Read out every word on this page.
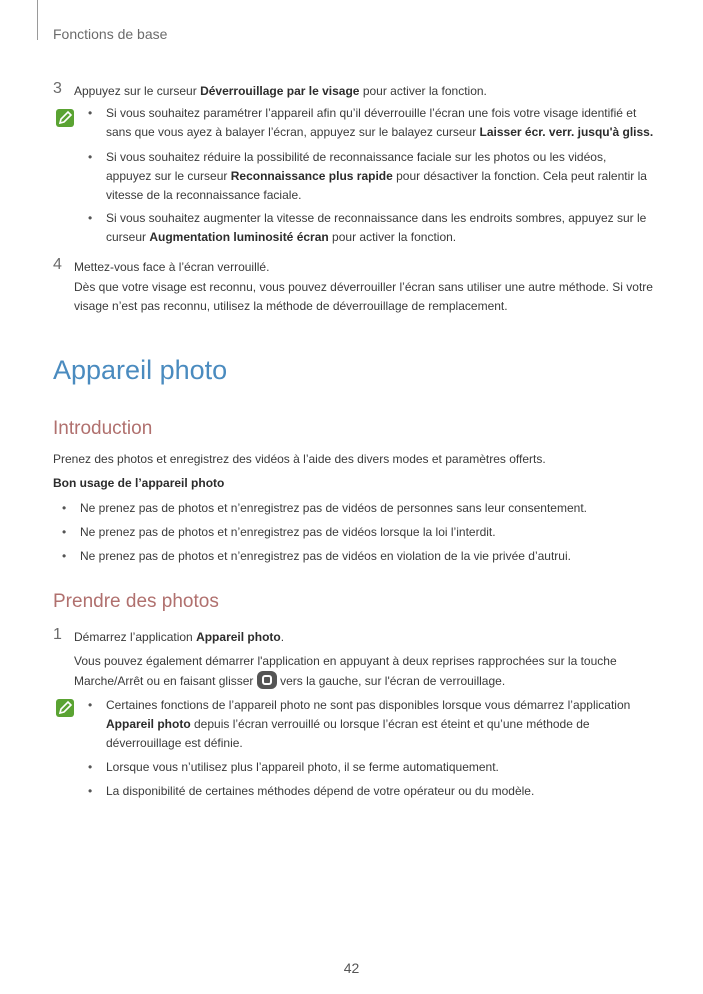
Fonctions de base
3 Appuyez sur le curseur Déverrouillage par le visage pour activer la fonction.
• Si vous souhaitez paramétrer l’appareil afin qu’il déverrouille l’écran une fois votre visage identifié et sans que vous ayez à balayer l’écran, appuyez sur le balayez curseur Laisser écr. verr. jusqu'à gliss.
• Si vous souhaitez réduire la possibilité de reconnaissance faciale sur les photos ou les vidéos, appuyez sur le curseur Reconnaissance plus rapide pour désactiver la fonction. Cela peut ralentir la vitesse de la reconnaissance faciale.
• Si vous souhaitez augmenter la vitesse de reconnaissance dans les endroits sombres, appuyez sur le curseur Augmentation luminosité écran pour activer la fonction.
4 Mettez-vous face à l’écran verrouillé.
Dès que votre visage est reconnu, vous pouvez déverrouiller l’écran sans utiliser une autre méthode. Si votre visage n’est pas reconnu, utilisez la méthode de déverrouillage de remplacement.
Appareil photo
Introduction
Prenez des photos et enregistrez des vidéos à l’aide des divers modes et paramètres offerts.
Bon usage de l’appareil photo
• Ne prenez pas de photos et n’enregistrez pas de vidéos de personnes sans leur consentement.
• Ne prenez pas de photos et n’enregistrez pas de vidéos lorsque la loi l’interdit.
• Ne prenez pas de photos et n’enregistrez pas de vidéos en violation de la vie privée d’autrui.
Prendre des photos
1 Démarrez l’application Appareil photo.
Vous pouvez également démarrer l'application en appuyant à deux reprises rapprochées sur la touche Marche/Arrêt ou en faisant glisser  vers la gauche, sur l'écran de verrouillage.
• Certaines fonctions de l’appareil photo ne sont pas disponibles lorsque vous démarrez l’application Appareil photo depuis l’écran verrouillé ou lorsque l’écran est éteint et qu’une méthode de déverrouillage est définie.
• Lorsque vous n’utilisez plus l’appareil photo, il se ferme automatiquement.
• La disponibilité de certaines méthodes dépend de votre opérateur ou du modèle.
42
